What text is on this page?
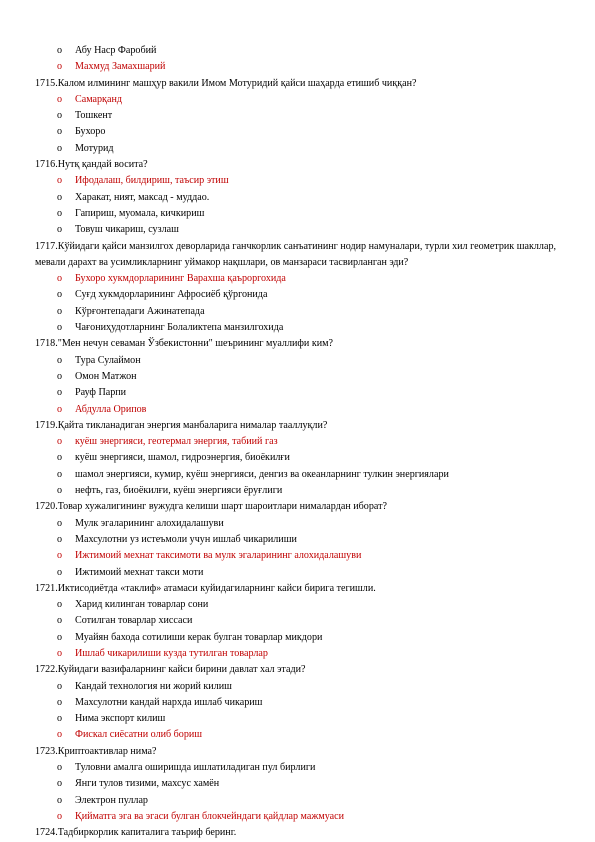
o Абу Наср Фаробий
o Махмуд Замахшарий
1715.Калом илмининг машҳур вакили Имом Мотуридий қайси шаҳарда етишиб чиққан?
o Самарқанд
o Тошкент
o Бухоро
o Мотурид
1716.Нутқ қандай восита?
o Ифодалаш, билдириш, таъсир этиш
o Харакат, ният, максад - муддао.
o Гапириш, муомала, кичкириш
o Товуш чикариш, сузлаш
1717.Кўйидаги қайси манзилгох деворларида ганчкорлик санъатининг нодир намуналари, турли хил геометрик шакллар, мевали дарахт ва усимликларнинг уймакор нақшлари, ов манзараси тасвирланган эди?
o Бухоро хукмдорларининг Варахша қаъроргохида
o Суғд хукмдорларининг Афросиёб қўргонида
o Кўрғонтепадаги Ажинатепада
o Чағониҳудотларнинг Болаликтепа манзилгохида
1718."Мен нечун севаман Ўзбекистонни" шеърининг муаллифи ким?
o Тура Сулаймон
o Омон Матжон
o Рауф Парпи
o Абдулла Орипов
1719.Қайта тикланадиган энергия манбаларига нималар тааллуқли?
o куёш энергияси, геотермал энергия, табиий газ
o куёш энергияси, шамол, гидроэнергия, биоёкилғи
o шамол энергияси, кумир, куёш энергияси, денгиз ва океанларнинг тулкин энергиялари
o нефть, газ, биоёкилғи, куёш энергияси ёруғлиги
1720.Товар хужалигининг вужудга келиши шарт шароитлари нималардан иборат?
o Мулк эгаларининг алохидалашуви
o Махсулотни уз истеъмоли учун ишлаб чикарилиши
o Ижтимоий мехнат таксимоти ва мулк эгаларининг алохидалашуви
o Ижтимоий мехнат такси моти
1721.Иктисодиётда «таклиф» атамаси куйидагиларнинг кайси бирига тегишли.
o Харид килинган товарлар сони
o Сотилган товарлар хиссаси
o Муайян бахода сотилиши керак булган товарлар микдори
o Ишлаб чикарилиши кузда тутилган товарлар
1722.Куйидаги вазифаларнинг кайси бирини давлат хал этади?
o Кандай технология ни жорий килиш
o Махсулотни кандай нархда ишлаб чикариш
o Нима экспорт килиш
o Фискал сиёсатни олиб бориш
1723.Криптоактивлар нима?
o Туловни амалга оширишда ишлатиладиган пул бирлиги
o Янги тулов тизими, махсус хамён
o Электрон пуллар
o Қийматга эга ва эгаси булган блокчейндаги қайдлар мажмуаси
1724.Тадбиркорлик капиталига таъриф беринг.
